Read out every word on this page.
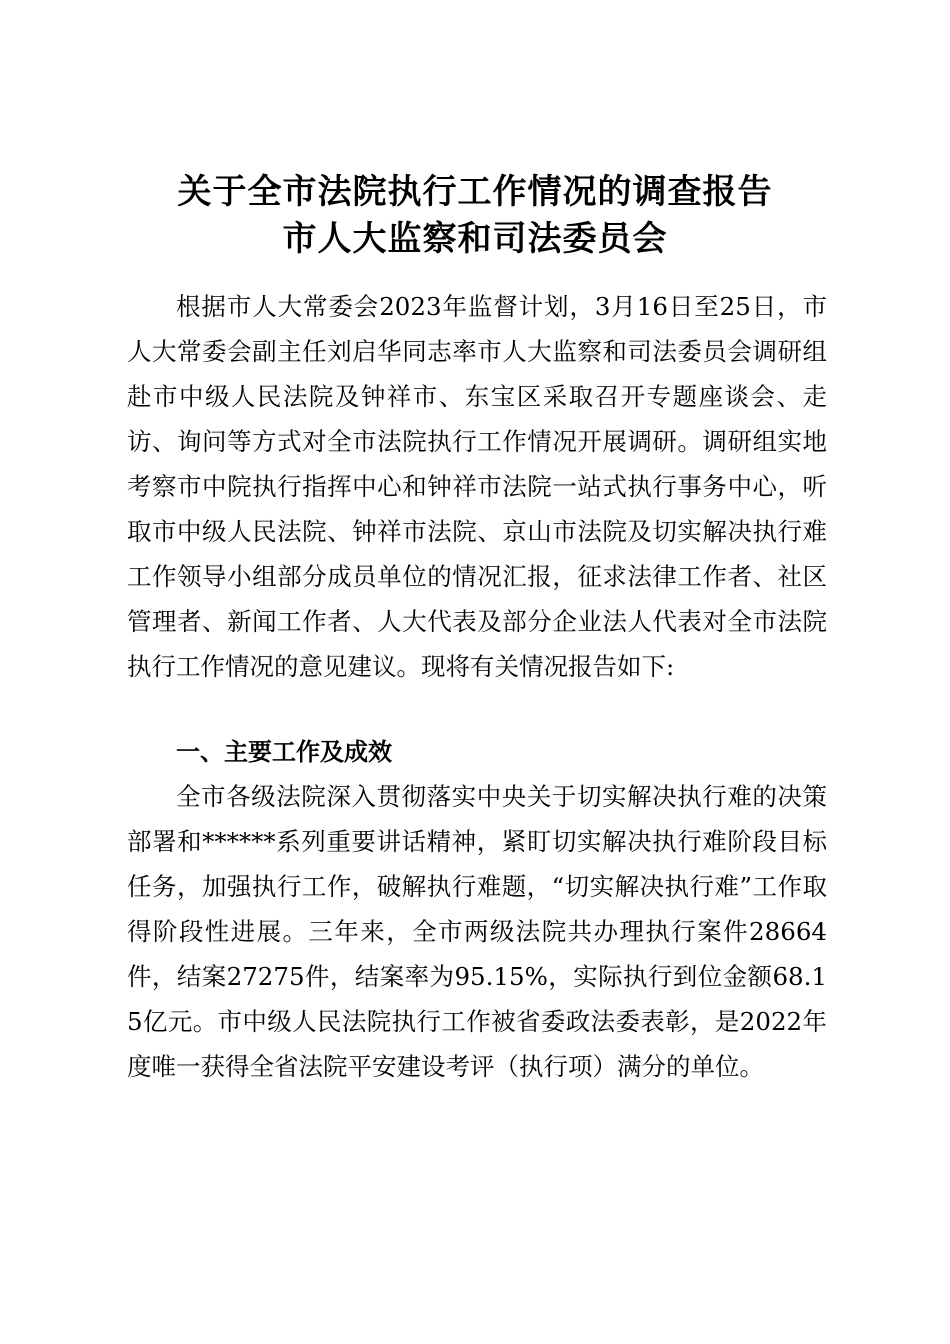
关于全市法院执行工作情况的调查报告
市人大监察和司法委员会

根据市人大常委会2023年监督计划，3月16日至25日，市人大常委会副主任刘启华同志率市人大监察和司法委员会调研组赴市中级人民法院及钟祥市、东宝区采取召开专题座谈会、走访、询问等方式对全市法院执行工作情况开展调研。调研组实地考察市中院执行指挥中心和钟祥市法院一站式执行事务中心，听取市中级人民法院、钟祥市法院、京山市法院及切实解决执行难工作领导小组部分成员单位的情况汇报，征求法律工作者、社区管理者、新闻工作者、人大代表及部分企业法人代表对全市法院执行工作情况的意见建议。现将有关情况报告如下:

一、主要工作及成效

全市各级法院深入贯彻落实中央关于切实解决执行难的决策部署和******系列重要讲话精神，紧盯切实解决执行难阶段目标任务，加强执行工作，破解执行难题，“切实解决执行难”工作取得阶段性进展。三年来，全市两级法院共办理执行案件28664件，结案27275件，结案率为95.15%，实际执行到位金额68.15亿元。市中级人民法院执行工作被省委政法委表彰，是2022年度唯一获得全省法院平安建设考评（执行项）满分的单位。
